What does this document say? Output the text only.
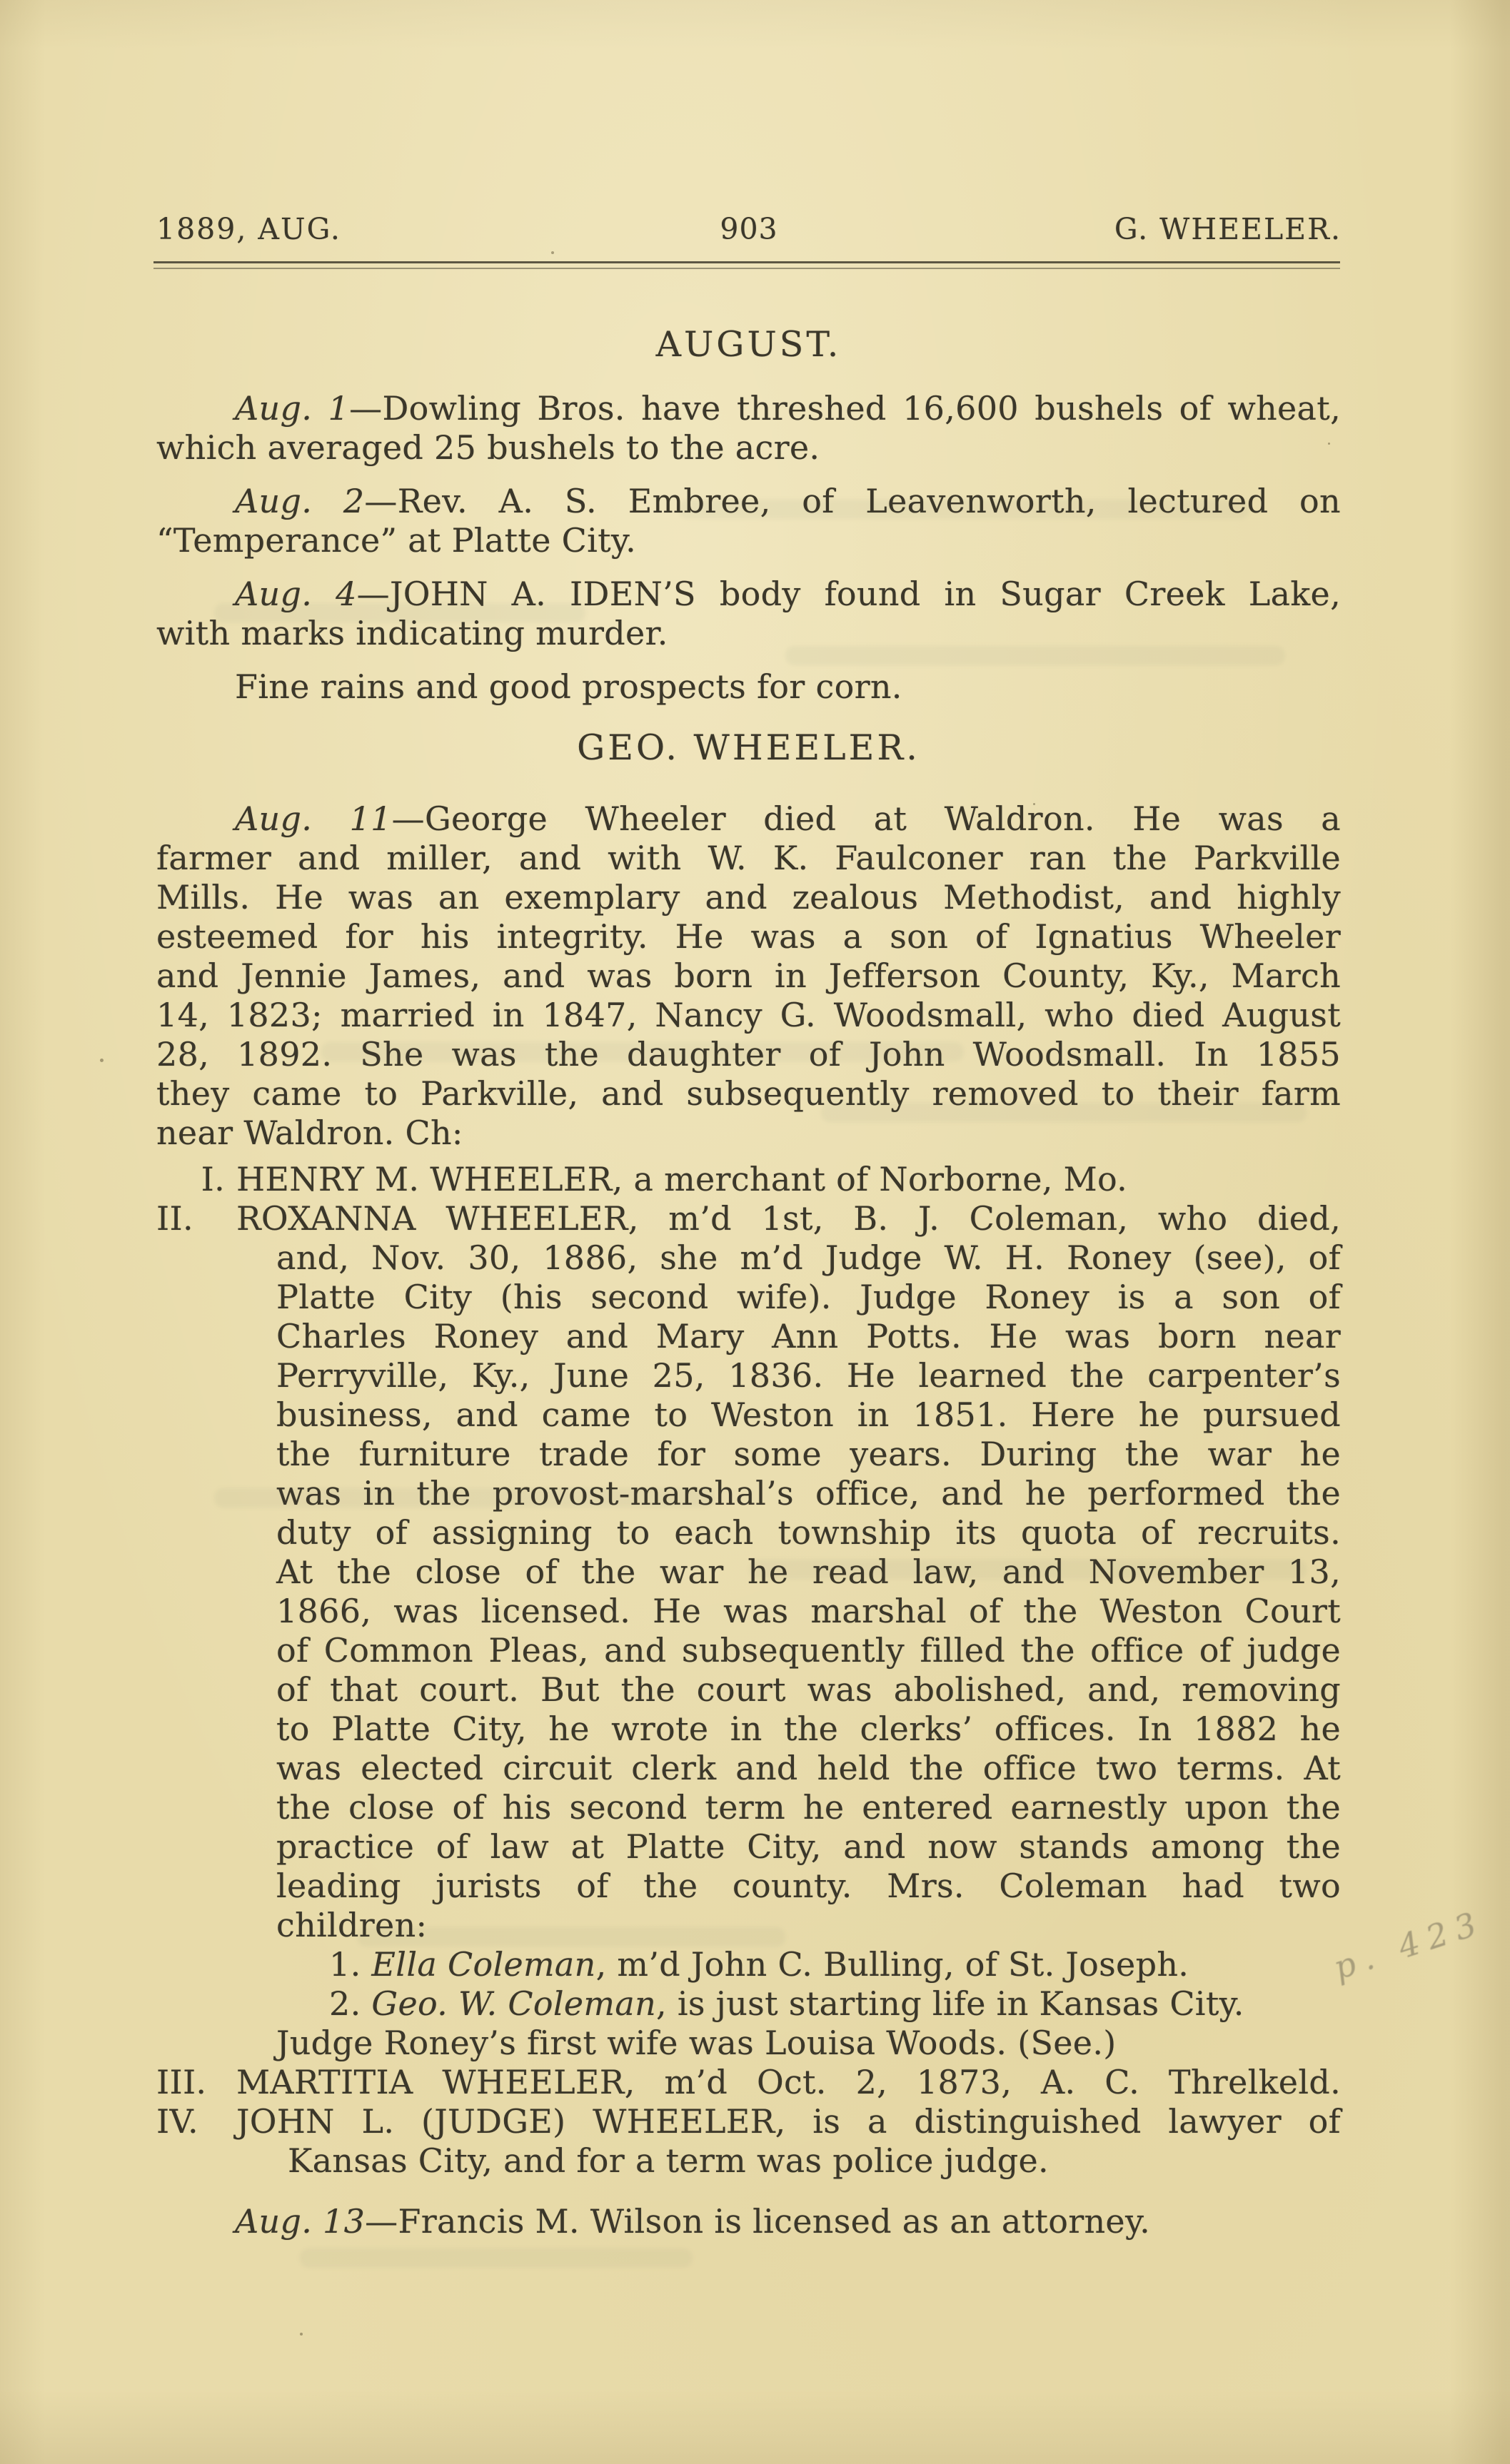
1889, AUG.	903	G. WHEELER.
AUGUST.
Aug. 1—Dowling Bros. have threshed 16,600 bushels of wheat,
which averaged 25 bushels to the acre.
Aug. 2—Rev. A. S. Embree, of Leavenworth, lectured on
“Temperance” at Platte City.
Aug. 4—JOHN A. IDEN’S body found in Sugar Creek Lake,
with marks indicating murder.
Fine rains and good prospects for corn.
GEO. WHEELER.
Aug. 11—George Wheeler died at Waldron. He was a
farmer and miller, and with W. K. Faulconer ran the Parkville
Mills. He was an exemplary and zealous Methodist, and highly
esteemed for his integrity. He was a son of Ignatius Wheeler
and Jennie James, and was born in Jefferson County, Ky., March
14, 1823; married in 1847, Nancy G. Woodsmall, who died August
28, 1892. She was the daughter of John Woodsmall. In 1855
they came to Parkville, and subsequently removed to their farm
near Waldron. Ch:
I. HENRY M. WHEELER, a merchant of Norborne, Mo.
II. ROXANNA WHEELER, m’d 1st, B. J. Coleman, who died,
and, Nov. 30, 1886, she m’d Judge W. H. Roney (see), of
Platte City (his second wife). Judge Roney is a son of
Charles Roney and Mary Ann Potts. He was born near
Perryville, Ky., June 25, 1836. He learned the carpenter’s
business, and came to Weston in 1851. Here he pursued
the furniture trade for some years. During the war he
was in the provost-marshal’s office, and he performed the
duty of assigning to each township its quota of recruits.
At the close of the war he read law, and November 13,
1866, was licensed. He was marshal of the Weston Court
of Common Pleas, and subsequently filled the office of judge
of that court. But the court was abolished, and, removing
to Platte City, he wrote in the clerks’ offices. In 1882 he
was elected circuit clerk and held the office two terms. At
the close of his second term he entered earnestly upon the
practice of law at Platte City, and now stands among the
leading jurists of the county. Mrs. Coleman had two
children:
1. Ella Coleman, m’d John C. Bulling, of St. Joseph.
2. Geo. W. Coleman, is just starting life in Kansas City.
Judge Roney’s first wife was Louisa Woods. (See.)
III. MARTITIA WHEELER, m’d Oct. 2, 1873, A. C. Threlkeld.
IV. JOHN L. (JUDGE) WHEELER, is a distinguished lawyer of
Kansas City, and for a term was police judge.
Aug. 13—Francis M. Wilson is licensed as an attorney.
p. 423
